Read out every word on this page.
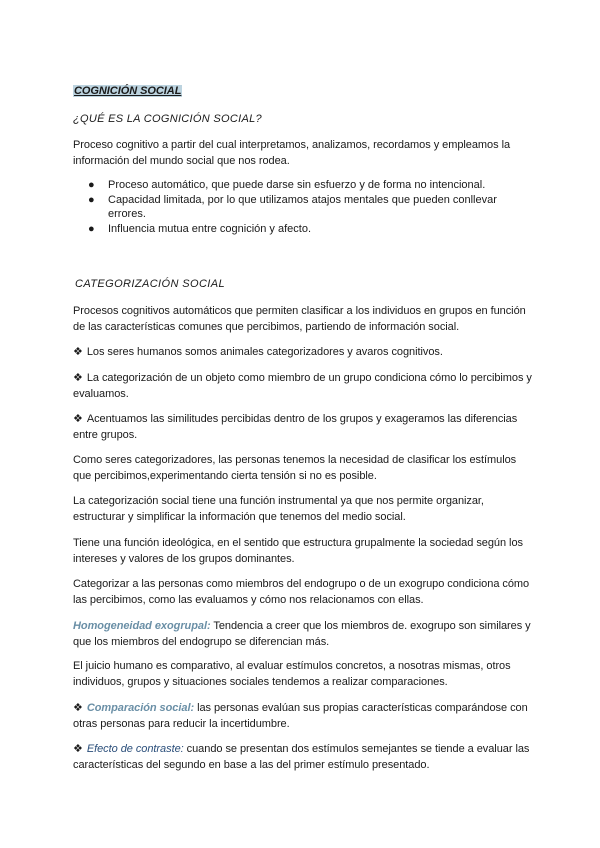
COGNICIÓN SOCIAL
¿QUÉ ES LA COGNICIÓN SOCIAL?
Proceso cognitivo a partir del cual interpretamos, analizamos, recordamos y empleamos la información del mundo social que nos rodea.
● Proceso automático, que puede darse sin esfuerzo y de forma no intencional.
● Capacidad limitada, por lo que utilizamos atajos mentales que pueden conllevar errores.
● Influencia mutua entre cognición y afecto.
CATEGORIZACIÓN SOCIAL
Procesos cognitivos automáticos que permiten clasificar a los individuos en grupos en función de las características comunes que percibimos, partiendo de información social.
❖ Los seres humanos somos animales categorizadores y avaros cognitivos.
❖ La categorización de un objeto como miembro de un grupo condiciona cómo lo percibimos y evaluamos.
❖ Acentuamos las similitudes percibidas dentro de los grupos y exageramos las diferencias entre grupos.
Como seres categorizadores, las personas tenemos la necesidad de clasificar los estímulos que percibimos,experimentando cierta tensión si no es posible.
La categorización social tiene una función instrumental ya que nos permite organizar, estructurar y simplificar la información que tenemos del medio social.
Tiene una función ideológica, en el sentido que estructura grupalmente la sociedad según los intereses y valores de los grupos dominantes.
Categorizar a las personas como miembros del endogrupo o de un exogrupo condiciona cómo las percibimos, como las evaluamos y cómo nos relacionamos con ellas.
Homogeneidad exogrupal: Tendencia a creer que los miembros de. exogrupo son similares y que los miembros del endogrupo se diferencian más.
El juicio humano es comparativo, al evaluar estímulos concretos, a nosotras mismas, otros individuos, grupos y situaciones sociales tendemos a realizar comparaciones.
❖ Comparación social: las personas evalúan sus propias características comparándose con otras personas para reducir la incertidumbre.
❖ Efecto de contraste: cuando se presentan dos estímulos semejantes se tiende a evaluar las características del segundo en base a las del primer estímulo presentado.
